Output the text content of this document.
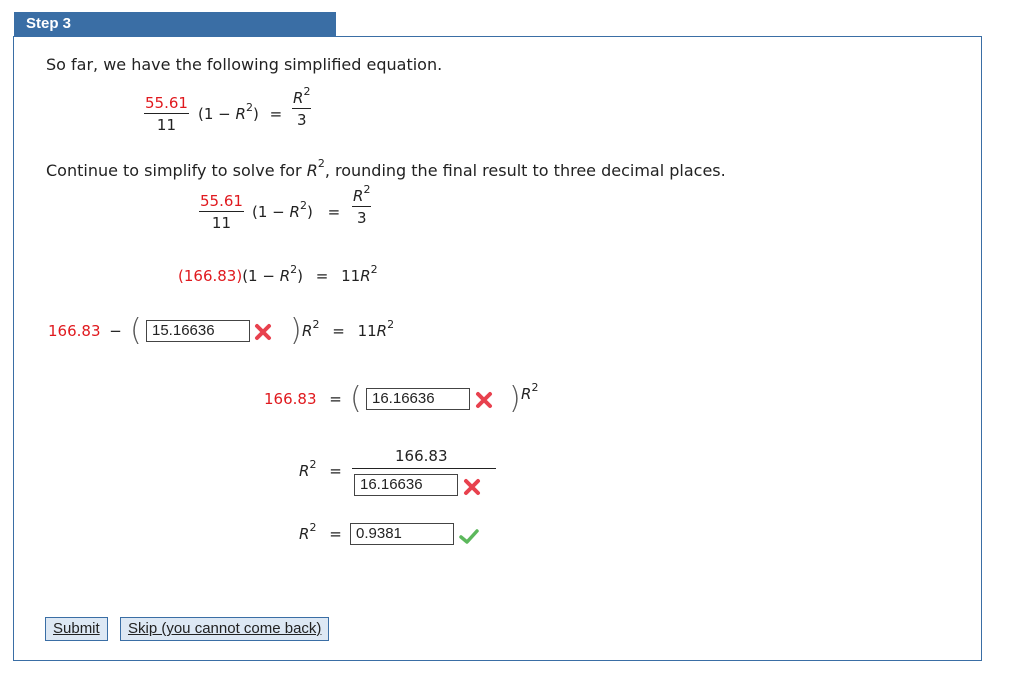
Step 3
So far, we have the following simplified equation.
55.61
11
$(1 - R^2)$ =
$R^2$
3
Continue to simplify to solve for $R^2$, rounding the final result to three decimal places.
55.61
11
$(1 - R^2)$ =
$R^2$
3
$(166.83)(1 - R^2) = 11R^2$
166.83 − ( 15.16636	) $R^2 = 11R^2$
166.83 = ( 16.16636	) $R^2$
$R^2$ =
166.83
16.16636
$R^2 = 0.9381$
Submit	Skip (you cannot come back)
